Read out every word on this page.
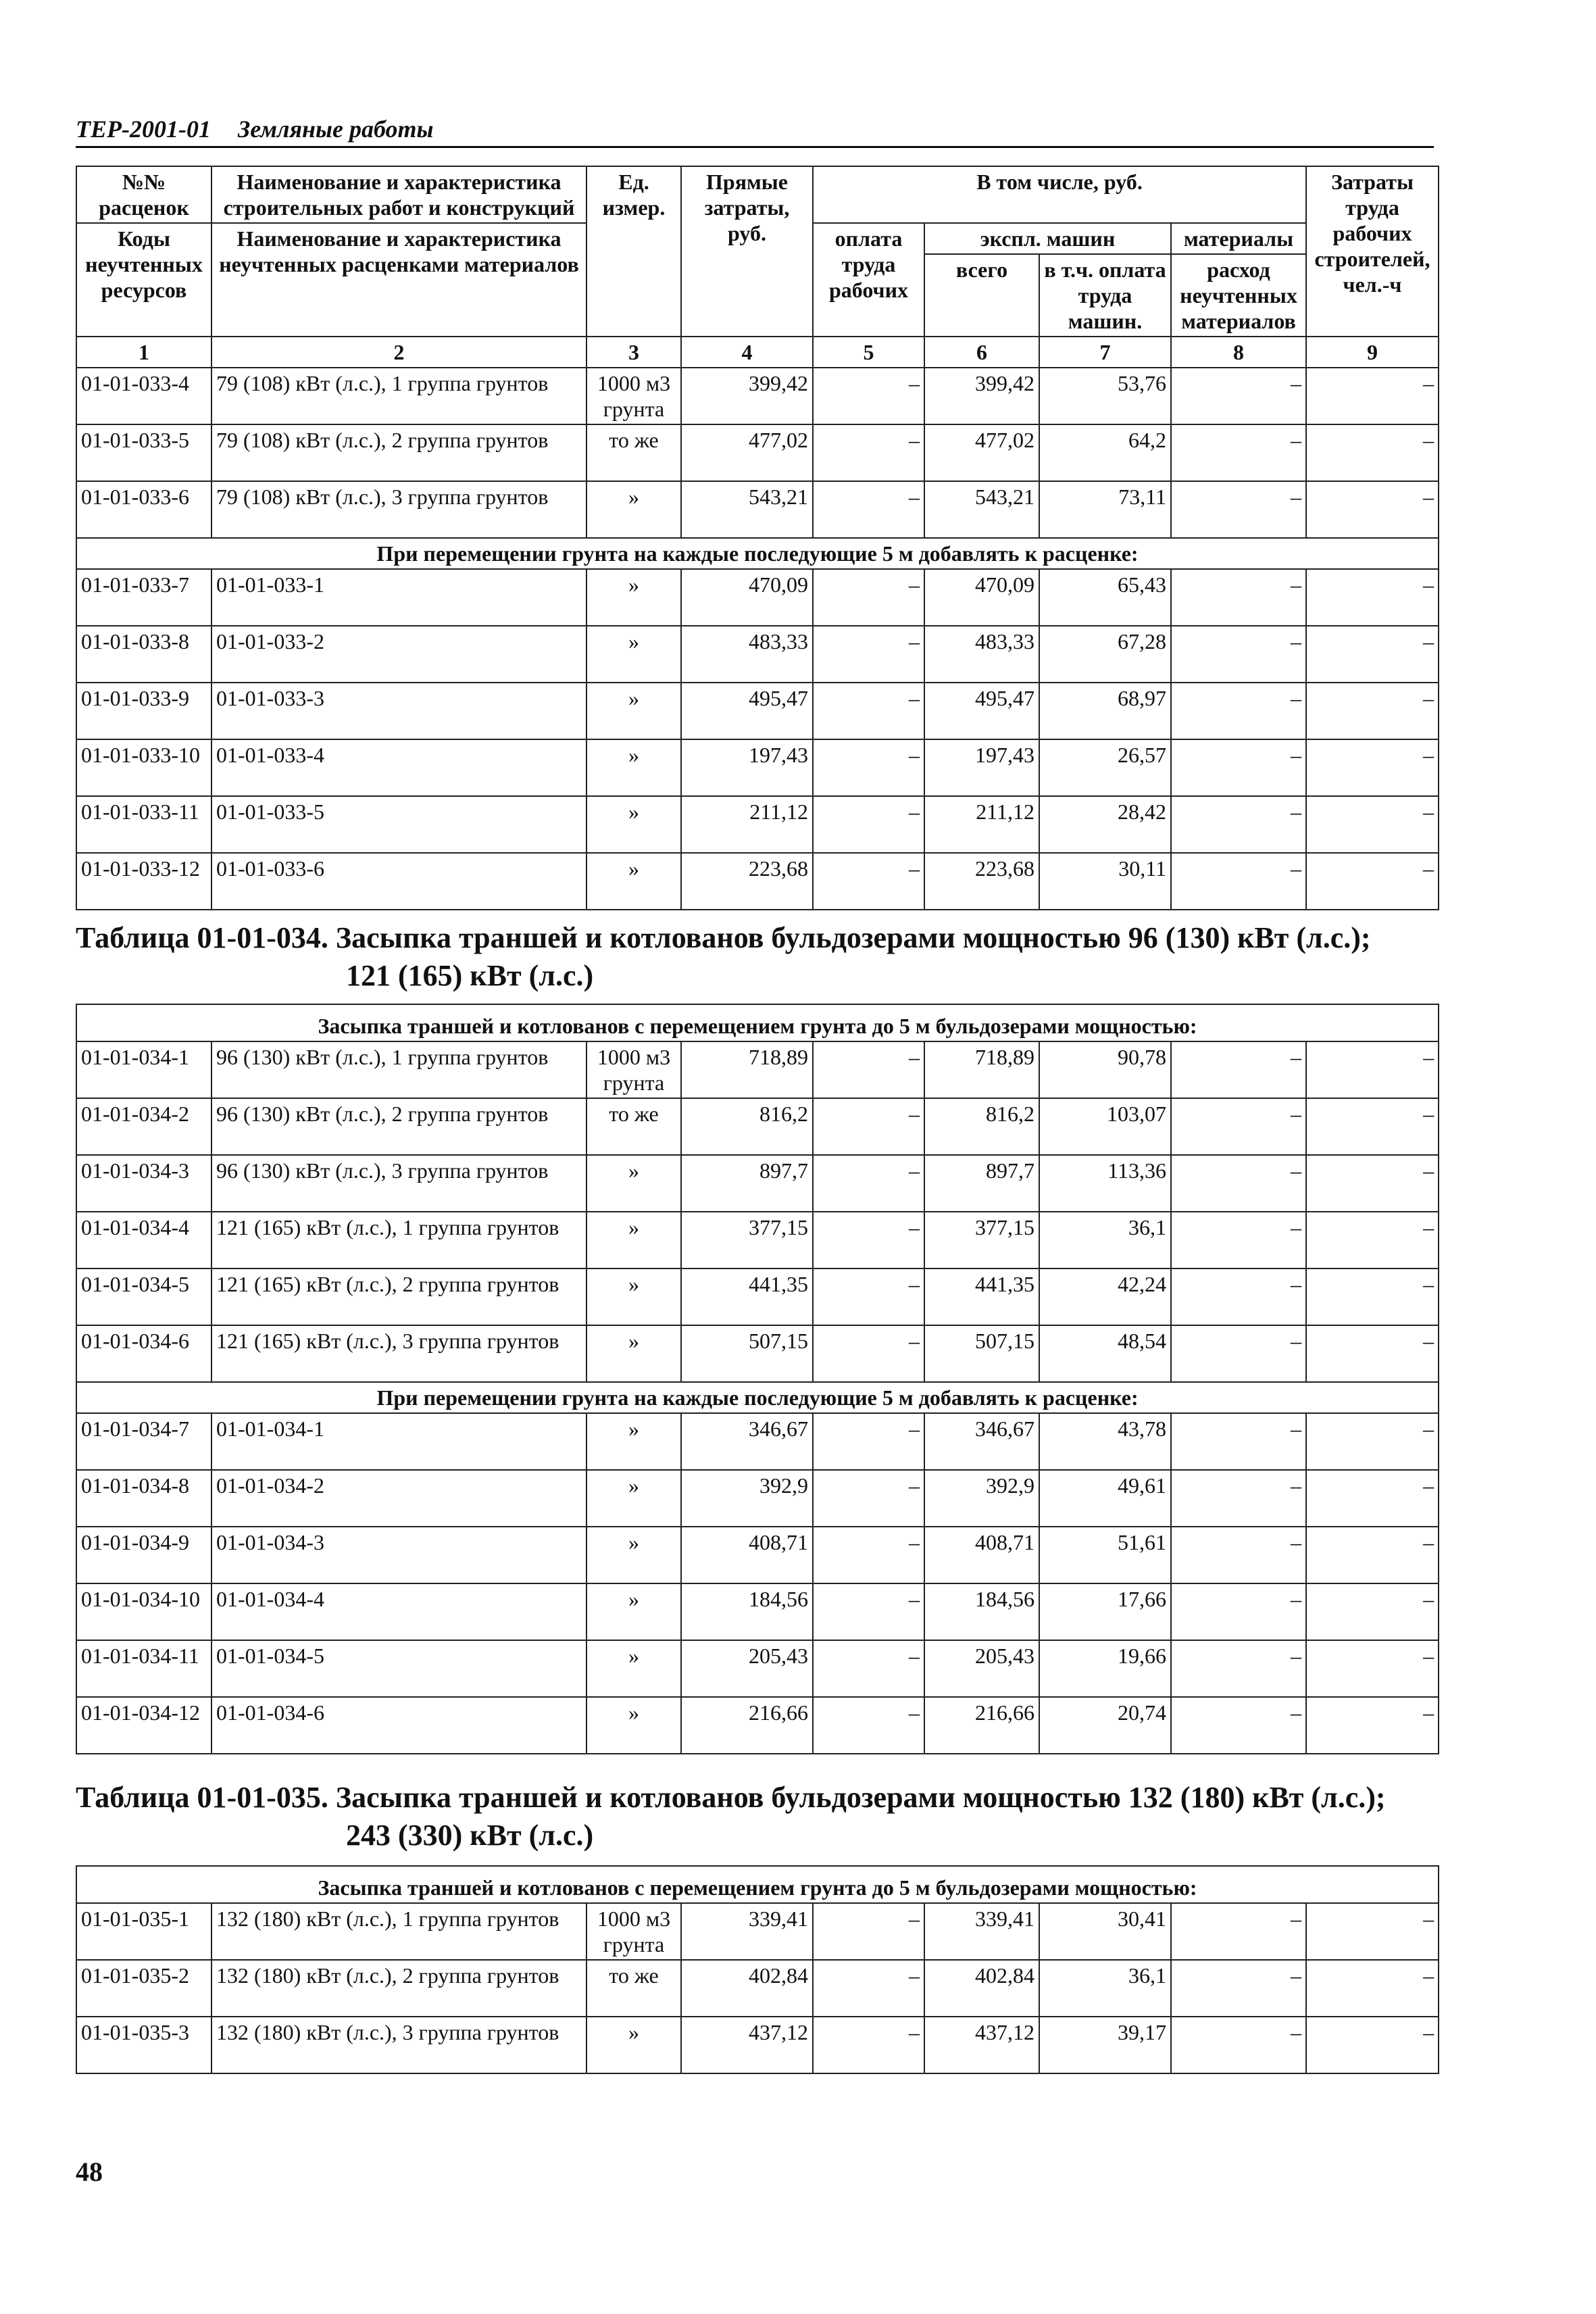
ТЕР-2001-01 Земляные работы
№№ расценок	Наименование и характеристика строительных работ и конструкций	Ед. измер.	Прямые затраты, руб.	В том числе, руб.				Затраты труда рабочих строителей, чел.-ч
Коды неучтенных ресурсов	Наименование и характеристика неучтенных расценками материалов			оплата труда рабочих	экспл. машин		материалы	
					всего	в т.ч. оплата труда машин.	расход неучтенных материалов	
1	2	3	4	5	6	7	8	9
01-01-033-4	79 (108) кВт (л.с.), 1 группа грунтов	1000 м3 грунта	399,42	–	399,42	53,76	–	–
01-01-033-5	79 (108) кВт (л.с.), 2 группа грунтов	то же	477,02	–	477,02	64,2	–	–
01-01-033-6	79 (108) кВт (л.с.), 3 группа грунтов	»	543,21	–	543,21	73,11	–	–
При перемещении грунта на каждые последующие 5 м добавлять к расценке:								
01-01-033-7	01-01-033-1	»	470,09	–	470,09	65,43	–	–
01-01-033-8	01-01-033-2	»	483,33	–	483,33	67,28	–	–
01-01-033-9	01-01-033-3	»	495,47	–	495,47	68,97	–	–
01-01-033-10	01-01-033-4	»	197,43	–	197,43	26,57	–	–
01-01-033-11	01-01-033-5	»	211,12	–	211,12	28,42	–	–
01-01-033-12	01-01-033-6	»	223,68	–	223,68	30,11	–	–
Таблица 01-01-034. Засыпка траншей и котлованов бульдозерами мощностью 96 (130) кВт (л.с.);
121 (165) кВт (л.с.)
Засыпка траншей и котлованов с перемещением грунта до 5 м бульдозерами мощностью:								
01-01-034-1	96 (130) кВт (л.с.), 1 группа грунтов	1000 м3 грунта	718,89	–	718,89	90,78	–	–
01-01-034-2	96 (130) кВт (л.с.), 2 группа грунтов	то же	816,2	–	816,2	103,07	–	–
01-01-034-3	96 (130) кВт (л.с.), 3 группа грунтов	»	897,7	–	897,7	113,36	–	–
01-01-034-4	121 (165) кВт (л.с.), 1 группа грунтов	»	377,15	–	377,15	36,1	–	–
01-01-034-5	121 (165) кВт (л.с.), 2 группа грунтов	»	441,35	–	441,35	42,24	–	–
01-01-034-6	121 (165) кВт (л.с.), 3 группа грунтов	»	507,15	–	507,15	48,54	–	–
При перемещении грунта на каждые последующие 5 м добавлять к расценке:								
01-01-034-7	01-01-034-1	»	346,67	–	346,67	43,78	–	–
01-01-034-8	01-01-034-2	»	392,9	–	392,9	49,61	–	–
01-01-034-9	01-01-034-3	»	408,71	–	408,71	51,61	–	–
01-01-034-10	01-01-034-4	»	184,56	–	184,56	17,66	–	–
01-01-034-11	01-01-034-5	»	205,43	–	205,43	19,66	–	–
01-01-034-12	01-01-034-6	»	216,66	–	216,66	20,74	–	–
Таблица 01-01-035. Засыпка траншей и котлованов бульдозерами мощностью 132 (180) кВт (л.с.);
243 (330) кВт (л.с.)
Засыпка траншей и котлованов с перемещением грунта до 5 м бульдозерами мощностью:								
01-01-035-1	132 (180) кВт (л.с.), 1 группа грунтов	1000 м3 грунта	339,41	–	339,41	30,41	–	–
01-01-035-2	132 (180) кВт (л.с.), 2 группа грунтов	то же	402,84	–	402,84	36,1	–	–
01-01-035-3	132 (180) кВт (л.с.), 3 группа грунтов	»	437,12	–	437,12	39,17	–	–
48
